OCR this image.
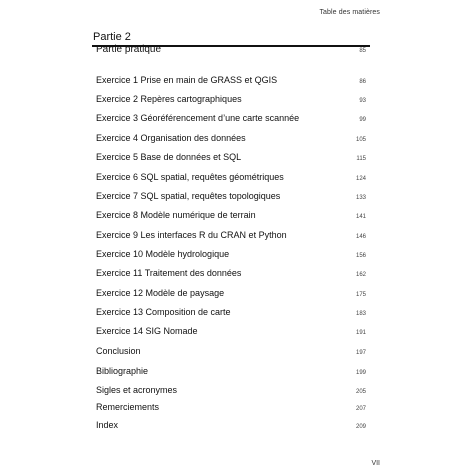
Table des matières
Partie 2
Partie pratique	85
Exercice 1 Prise en main de GRASS et QGIS	86
Exercice 2 Repères cartographiques	93
Exercice 3 Géoréférencement d’une carte scannée	99
Exercice 4 Organisation des données	105
Exercice 5 Base de données et SQL	115
Exercice 6 SQL spatial, requêtes géométriques	124
Exercice 7 SQL spatial, requêtes topologiques	133
Exercice 8 Modèle numérique de terrain	141
Exercice 9 Les interfaces R du CRAN et Python	146
Exercice 10 Modèle hydrologique	156
Exercice 11 Traitement des données	162
Exercice 12 Modèle de paysage	175
Exercice 13 Composition de carte	183
Exercice 14 SIG Nomade	191
Conclusion	197
Bibliographie	199
Sigles et acronymes	205
Remerciements	207
Index	209
VII
